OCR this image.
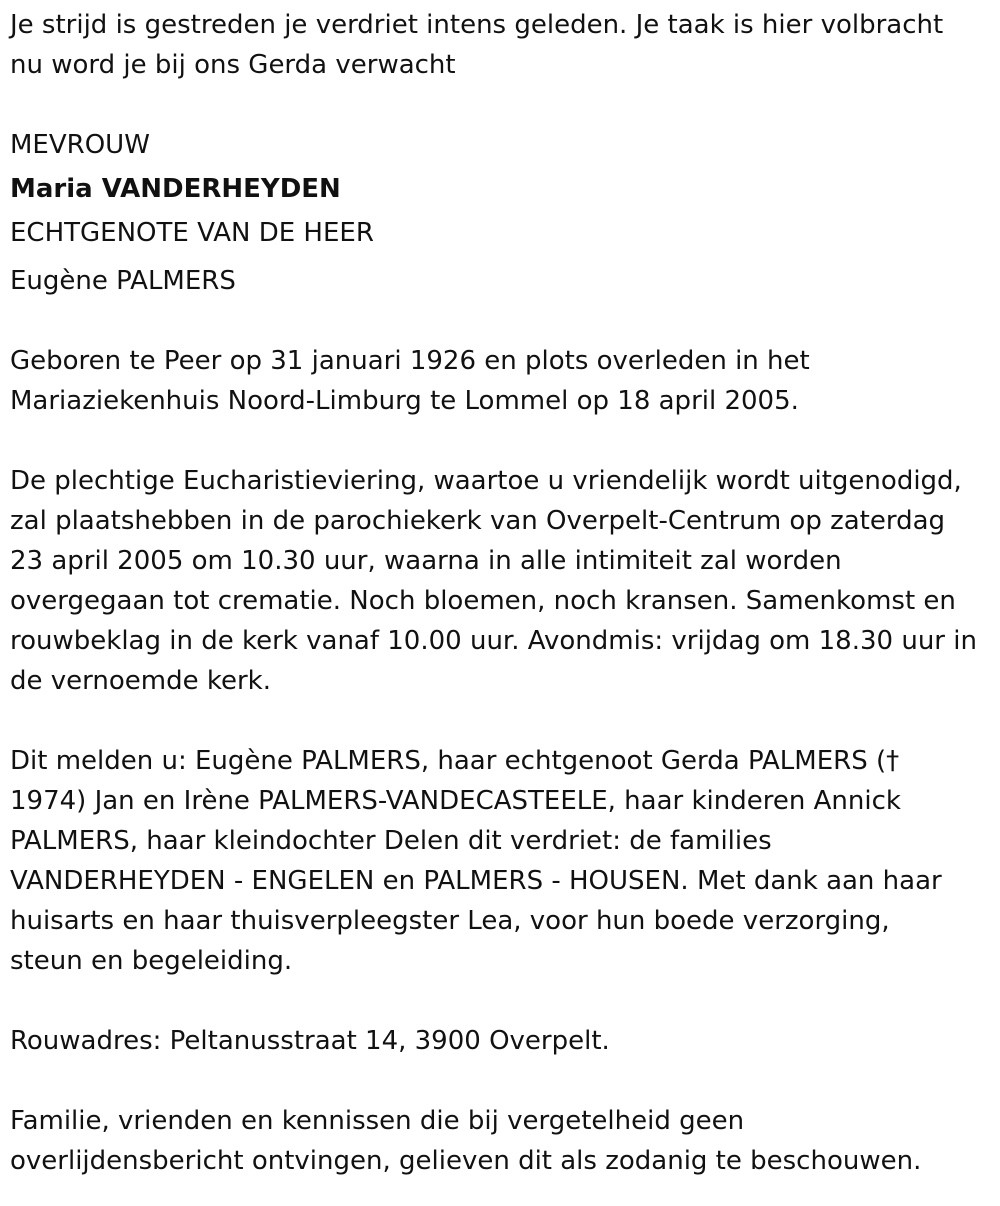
Je strijd is gestreden je verdriet intens geleden. Je taak is hier volbracht
nu word je bij ons Gerda verwacht

MEVROUW
Maria VANDERHEYDEN
ECHTGENOTE VAN DE HEER
Eugène PALMERS

Geboren te Peer op 31 januari 1926 en plots overleden in het
Mariaziekenhuis Noord-Limburg te Lommel op 18 april 2005.

De plechtige Eucharistieviering, waartoe u vriendelijk wordt uitgenodigd,
zal plaatshebben in de parochiekerk van Overpelt-Centrum op zaterdag
23 april 2005 om 10.30 uur, waarna in alle intimiteit zal worden
overgegaan tot crematie. Noch bloemen, noch kransen. Samenkomst en
rouwbeklag in de kerk vanaf 10.00 uur. Avondmis: vrijdag om 18.30 uur in
de vernoemde kerk.

Dit melden u: Eugène PALMERS, haar echtgenoot Gerda PALMERS (†
1974) Jan en Irène PALMERS-VANDECASTEELE, haar kinderen Annick
PALMERS, haar kleindochter Delen dit verdriet: de families
VANDERHEYDEN - ENGELEN en PALMERS - HOUSEN. Met dank aan haar
huisarts en haar thuisverpleegster Lea, voor hun boede verzorging,
steun en begeleiding.

Rouwadres: Peltanusstraat 14, 3900 Overpelt.

Familie, vrienden en kennissen die bij vergetelheid geen
overlijdensbericht ontvingen, gelieven dit als zodanig te beschouwen.
